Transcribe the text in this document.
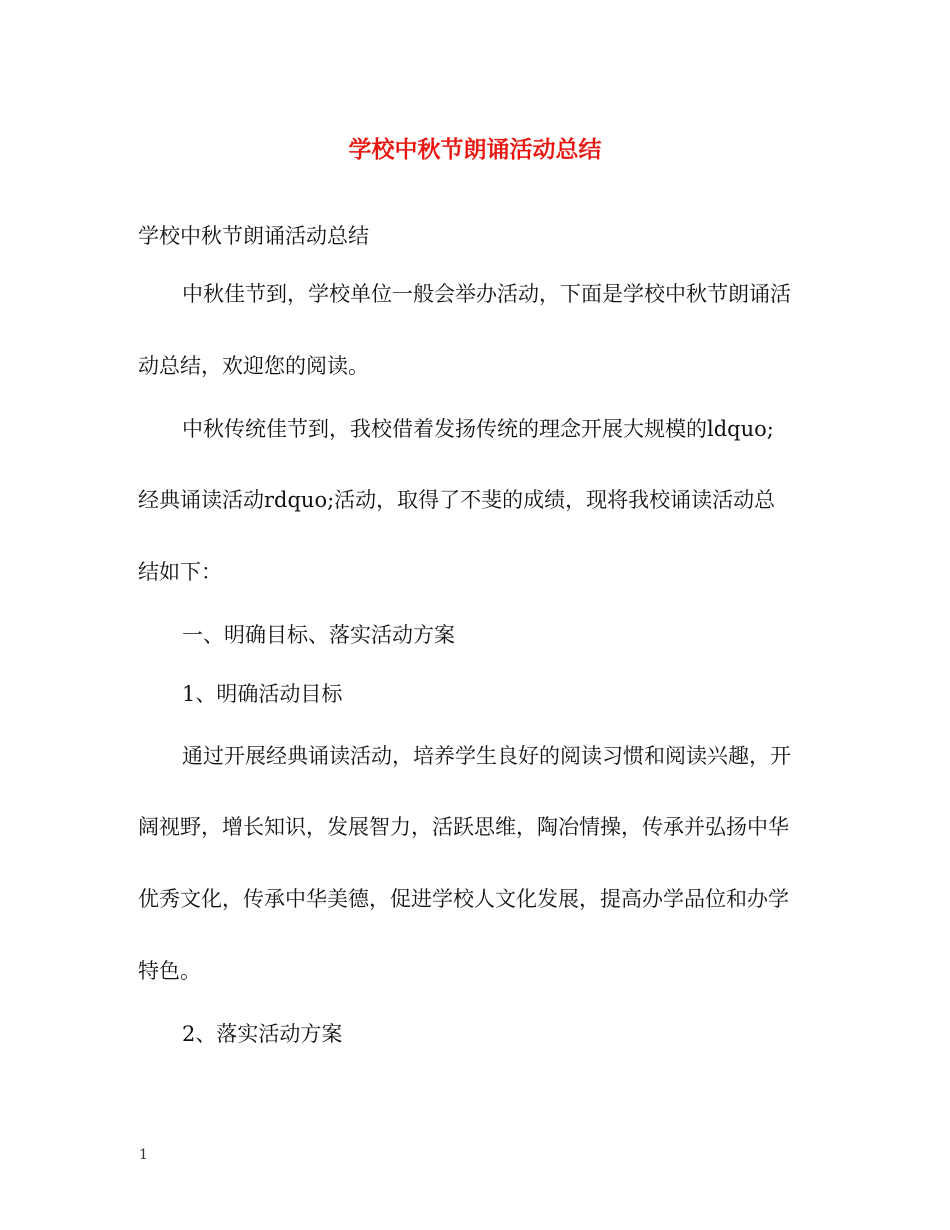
学校中秋节朗诵活动总结
学校中秋节朗诵活动总结
中秋佳节到，学校单位一般会举办活动，下面是学校中秋节朗诵活
动总结，欢迎您的阅读。
中秋传统佳节到，我校借着发扬传统的理念开展大规模的ldquo;
经典诵读活动rdquo;活动，取得了不斐的成绩，现将我校诵读活动总
结如下：
一、明确目标、落实活动方案
1、明确活动目标
通过开展经典诵读活动，培养学生良好的阅读习惯和阅读兴趣，开
阔视野，增长知识，发展智力，活跃思维，陶冶情操，传承并弘扬中华
优秀文化，传承中华美德，促进学校人文化发展，提高办学品位和办学
特色。
2、落实活动方案
1
